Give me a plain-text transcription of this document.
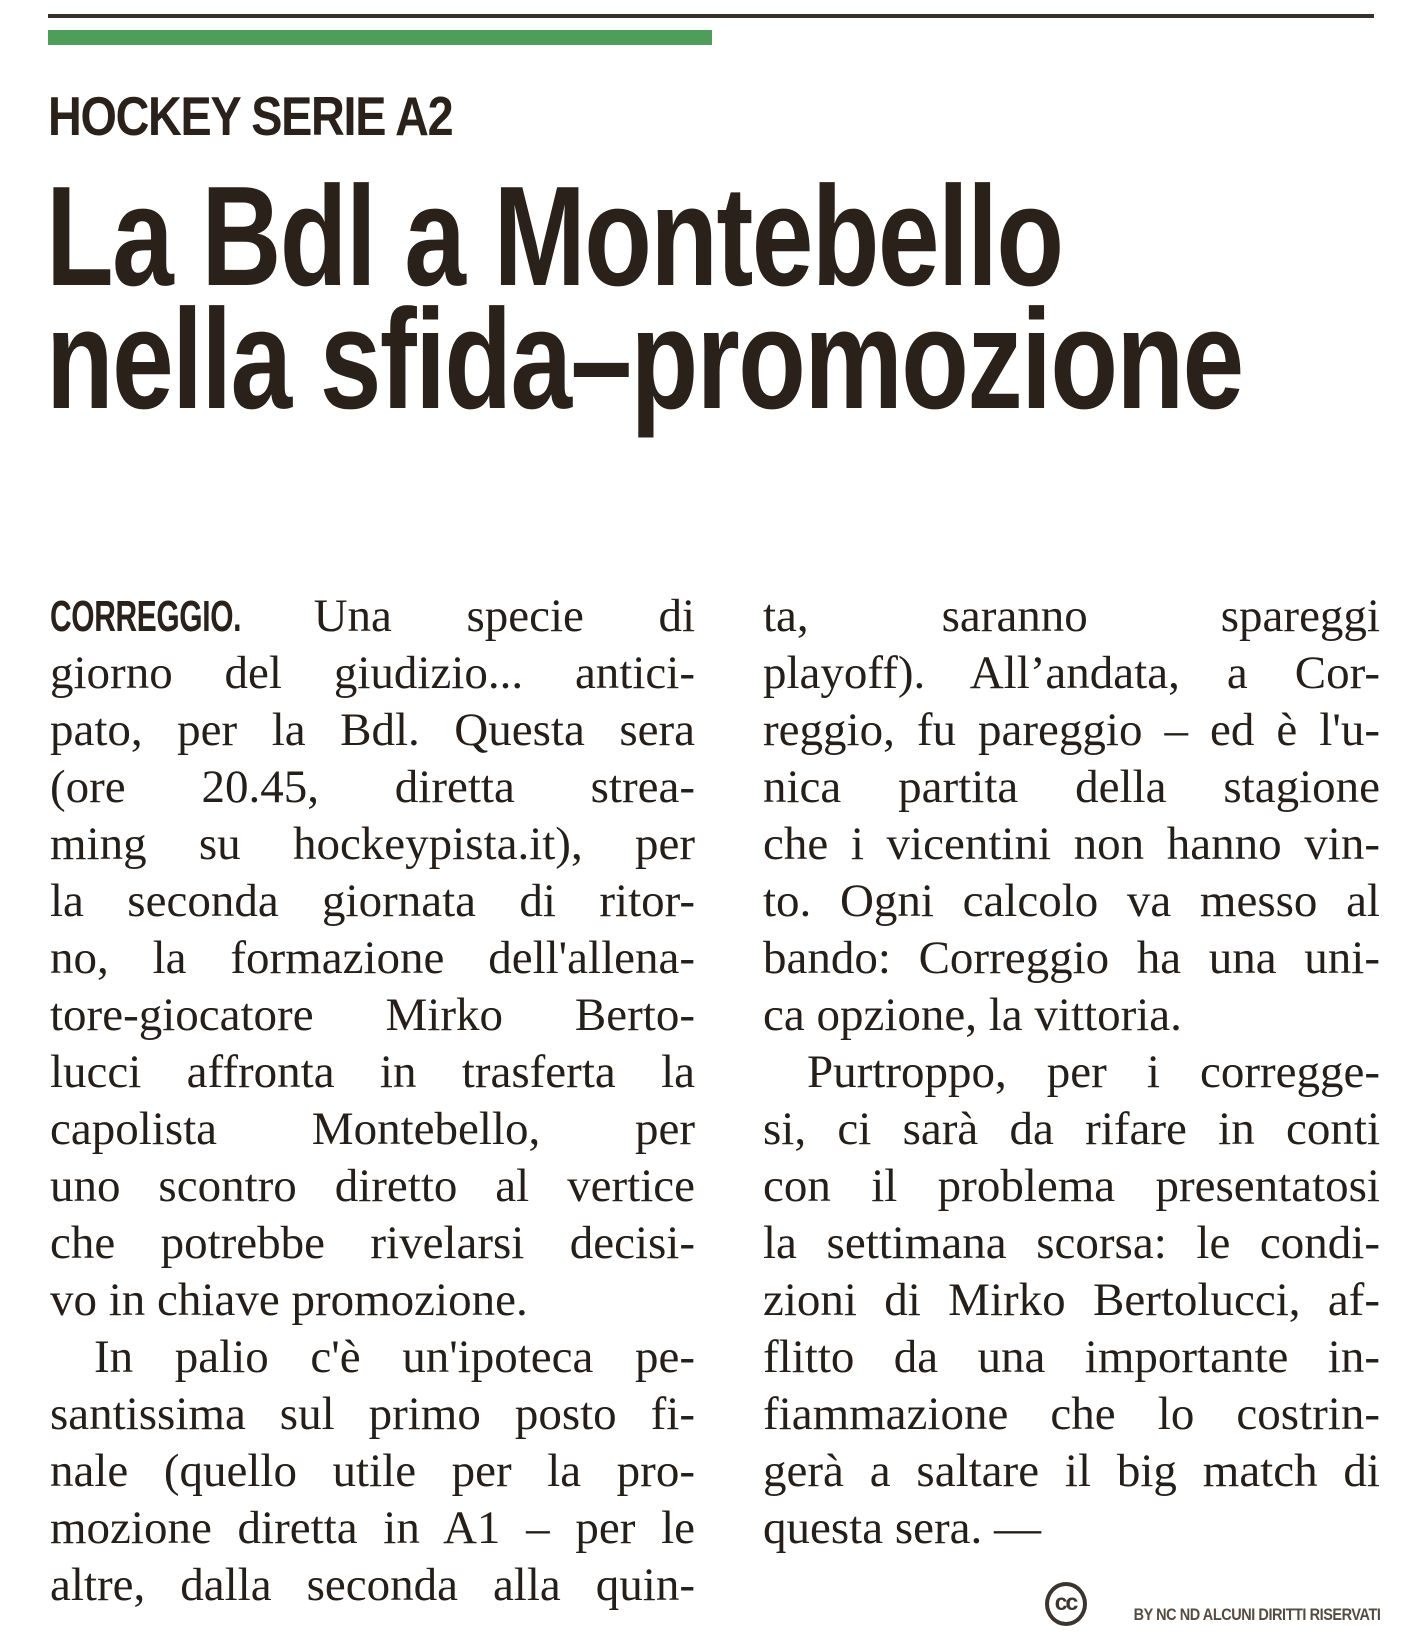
HOCKEY SERIE A2
La Bdl a Montebello
nella sfida–promozione
CORREGGIO. Una specie di
giorno del giudizio... antici-
pato, per la Bdl. Questa sera
(ore 20.45, diretta strea-
ming su hockeypista.it), per
la seconda giornata di ritor-
no, la formazione dell'allena-
tore-giocatore Mirko Berto-
lucci affronta in trasferta la
capolista Montebello, per
uno scontro diretto al vertice
che potrebbe rivelarsi decisi-
vo in chiave promozione.
In palio c'è un'ipoteca pe-
santissima sul primo posto fi-
nale (quello utile per la pro-
mozione diretta in A1 – per le
altre, dalla seconda alla quin-
ta, saranno spareggi
playoff). All’andata, a Cor-
reggio, fu pareggio – ed è l'u-
nica partita della stagione
che i vicentini non hanno vin-
to. Ogni calcolo va messo al
bando: Correggio ha una uni-
ca opzione, la vittoria.
Purtroppo, per i corregge-
si, ci sarà da rifare in conti
con il problema presentatosi
la settimana scorsa: le condi-
zioni di Mirko Bertolucci, af-
flitto da una importante in-
fiammazione che lo costrin-
gerà a saltare il big match di
questa sera. —
cc	BY NC ND ALCUNI DIRITTI RISERVATI
